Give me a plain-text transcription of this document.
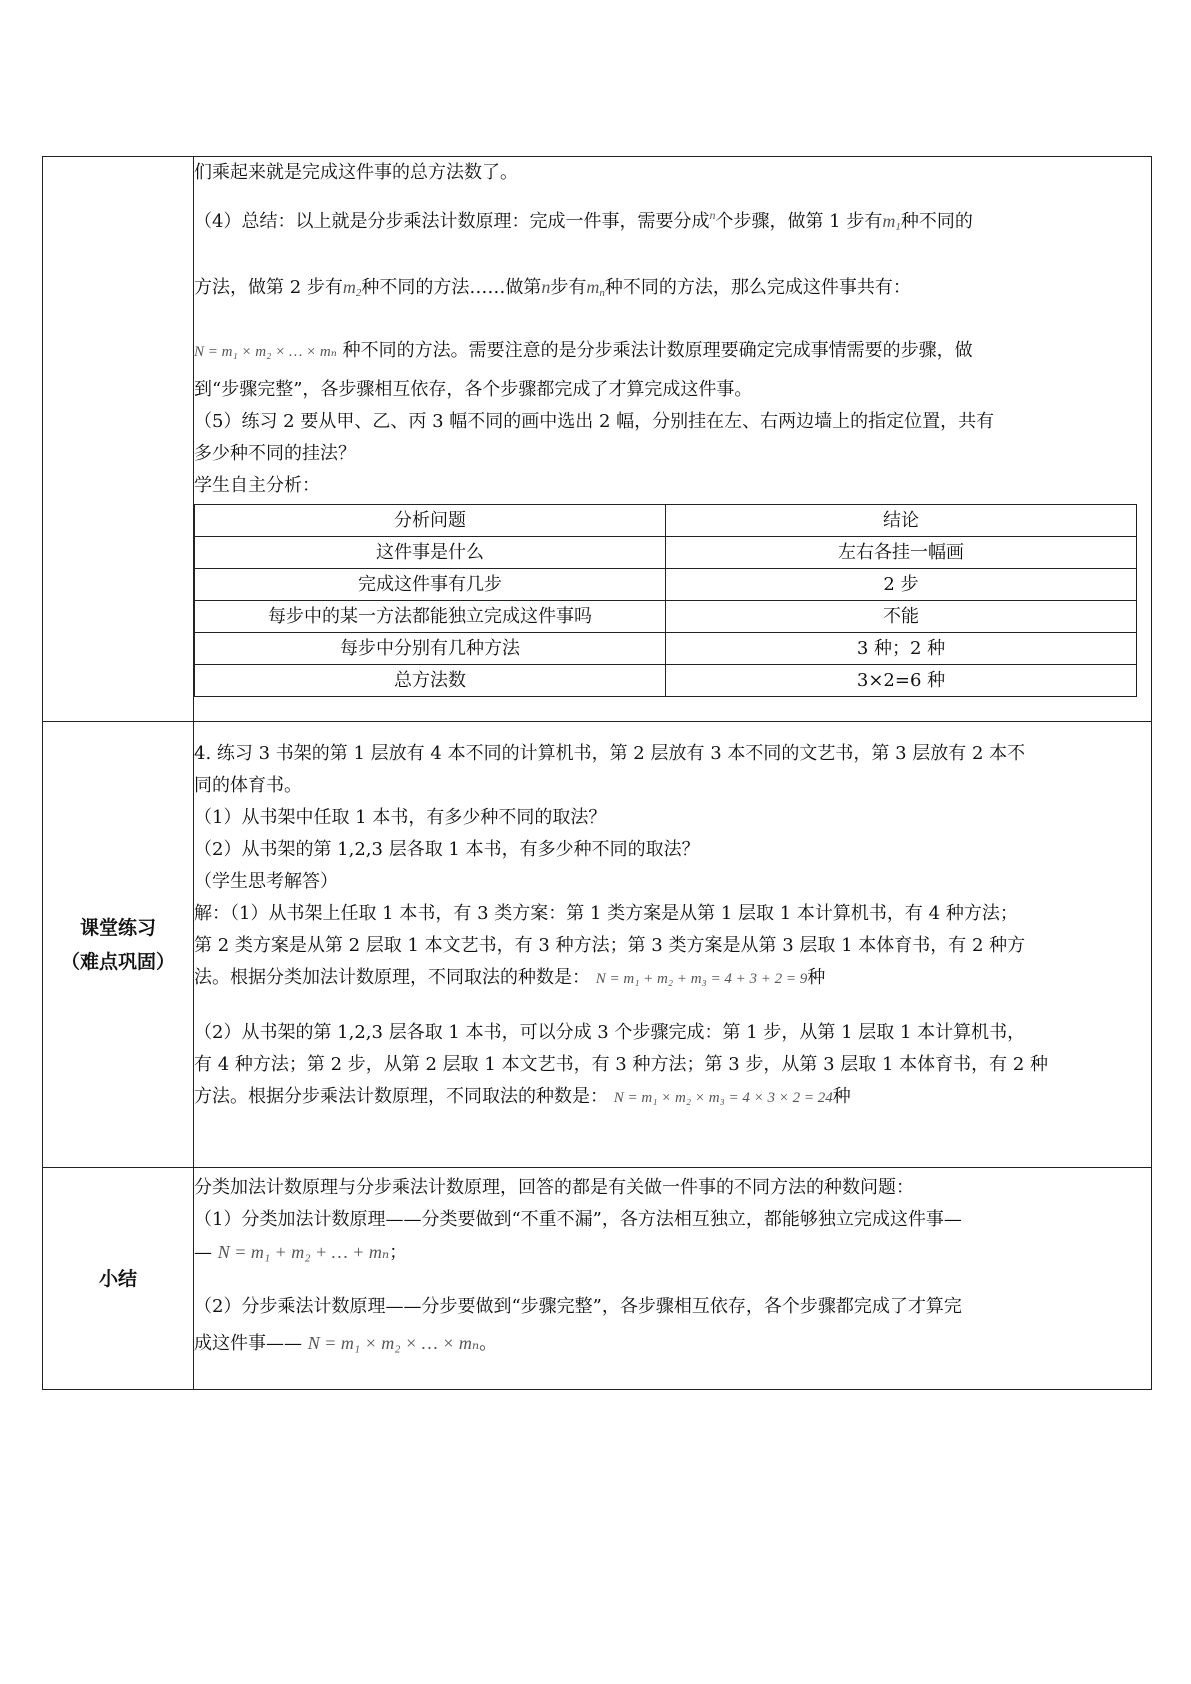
们乘起来就是完成这件事的总方法数了。

（4）总结：以上就是分步乘法计数原理：完成一件事，需要分成$^n$个步骤，做第 1 步有$m_1$种不同的

方法，做第 2 步有$m_2$种不同的方法……做第n步有$m_n$种不同的方法，那么完成这件事共有：

N = m₁ × m₂ × … × mₙ 种不同的方法。需要注意的是分步乘法计数原理要确定完成事情需要的步骤，做

到“步骤完整”，各步骤相互依存，各个步骤都完成了才算完成这件事。

（5）练习 2 要从甲、乙、丙 3 幅不同的画中选出 2 幅，分别挂在左、右两边墙上的指定位置，共有

多少种不同的挂法？

学生自主分析：

分析问题	结论
这件事是什么	左右各挂一幅画
完成这件事有几步	2 步
每步中的某一方法都能独立完成这件事吗	不能
每步中分别有几种方法	3 种；2 种
总方法数	3×2=6 种

课堂练习
（难点巩固）

4. 练习 3 书架的第 1 层放有 4 本不同的计算机书，第 2 层放有 3 本不同的文艺书，第 3 层放有 2 本不

同的体育书。

（1）从书架中任取 1 本书，有多少种不同的取法？

（2）从书架的第 1,2,3 层各取 1 本书，有多少种不同的取法？

（学生思考解答）

解：（1）从书架上任取 1 本书，有 3 类方案：第 1 类方案是从第 1 层取 1 本计算机书，有 4 种方法；

第 2 类方案是从第 2 层取 1 本文艺书，有 3 种方法；第 3 类方案是从第 3 层取 1 本体育书，有 2 种方

法。根据分类加法计数原理，不同取法的种数是： N = m₁ + m₂ + m₃ = 4 + 3 + 2 = 9种

（2）从书架的第 1,2,3 层各取 1 本书，可以分成 3 个步骤完成：第 1 步，从第 1 层取 1 本计算机书，

有 4 种方法；第 2 步，从第 2 层取 1 本文艺书，有 3 种方法；第 3 步，从第 3 层取 1 本体育书，有 2 种

方法。根据分步乘法计数原理，不同取法的种数是： N = m₁ × m₂ × m₃ = 4 × 3 × 2 = 24种

小结	

分类加法计数原理与分步乘法计数原理，回答的都是有关做一件事的不同方法的种数问题：

（1）分类加法计数原理——分类要做到“不重不漏”，各方法相互独立，都能够独立完成这件事—

— N = m₁ + m₂ + … + mₙ；

（2）分步乘法计数原理——分步要做到“步骤完整”，各步骤相互依存，各个步骤都完成了才算完

成这件事—— N = m₁ × m₂ × … × mₙ。
